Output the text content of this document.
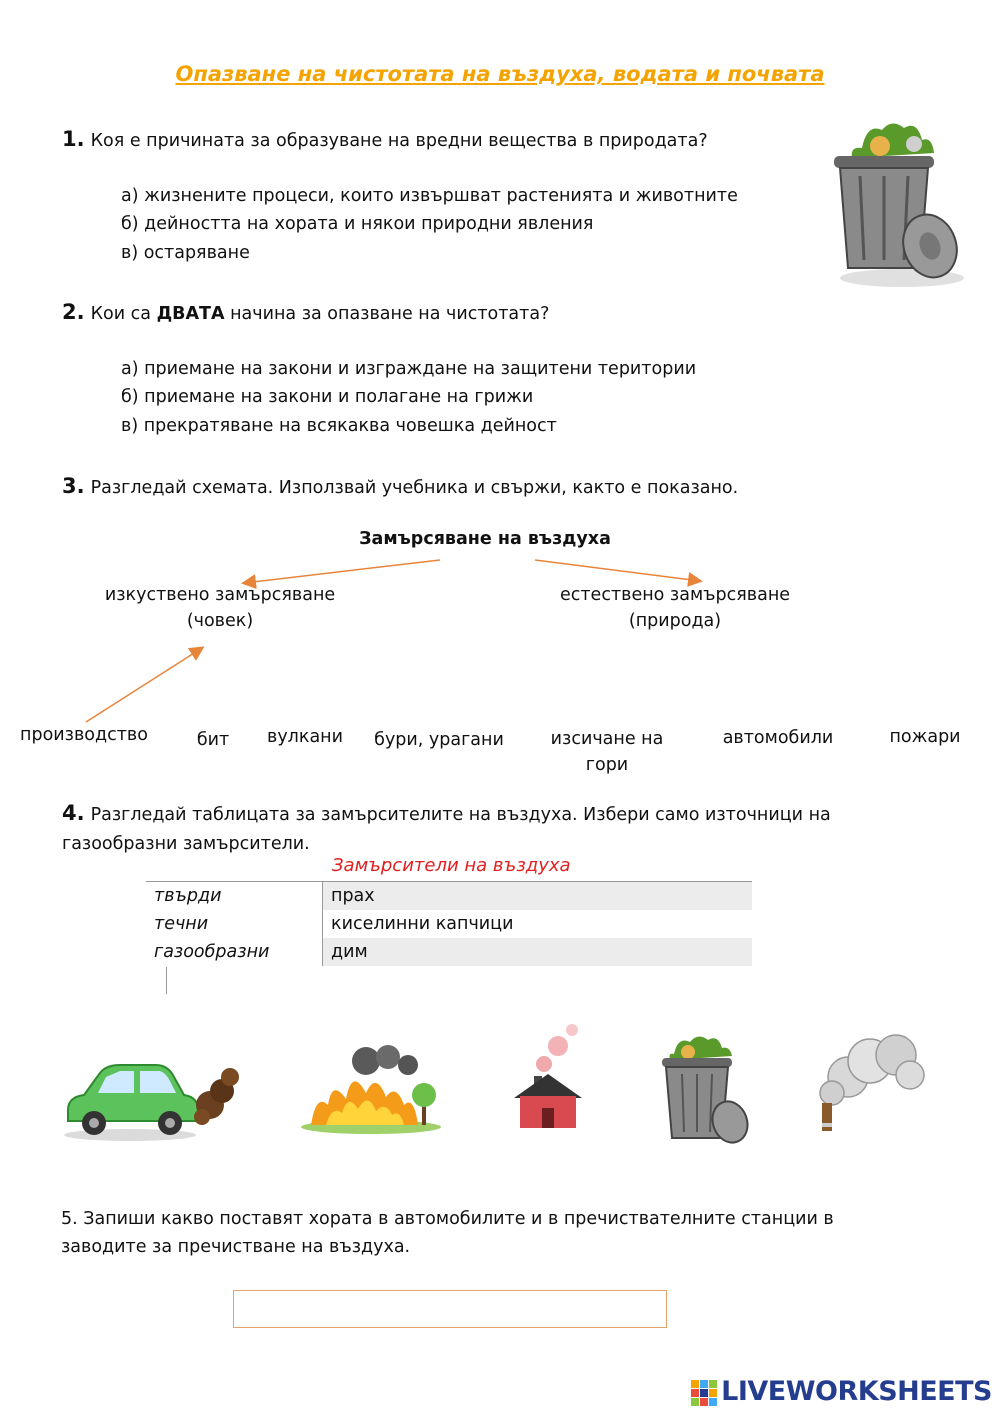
Опазване на чистотата на въздуха, водата и почвата
1. Коя е причината за образуване на вредни вещества в природата?
а) жизнените процеси, които извършват растенията и животните
б) дейността на хората и някои природни явления
в) остаряване
2. Кои са ДВАТА начина за опазване на чистотата?
а) приемане на закони и изграждане на защитени територии
б) приемане на закони и полагане на грижи
в) прекратяване на всякаква човешка дейност
3. Разгледай схемата. Използвай учебника и свържи, както е показано.
Замърсяване на въздуха
изкуствено замърсяване
(човек)
естествено замърсяване
(природа)
производство	бит	вулкани	бури, урагани	изсичане на
гори
автомобили	пожари
4. Разгледай таблицата за замърсителите на въздуха. Избери само източници на
газообразни замърсители.
Замърсители на въздуха
твърди	прах
течни	киселинни капчици
газообразни	дим
5. Запиши какво поставят хората в автомобилите и в пречиствателните станции в
заводите за пречистване на въздуха.
LIVEWORKSHEETS
